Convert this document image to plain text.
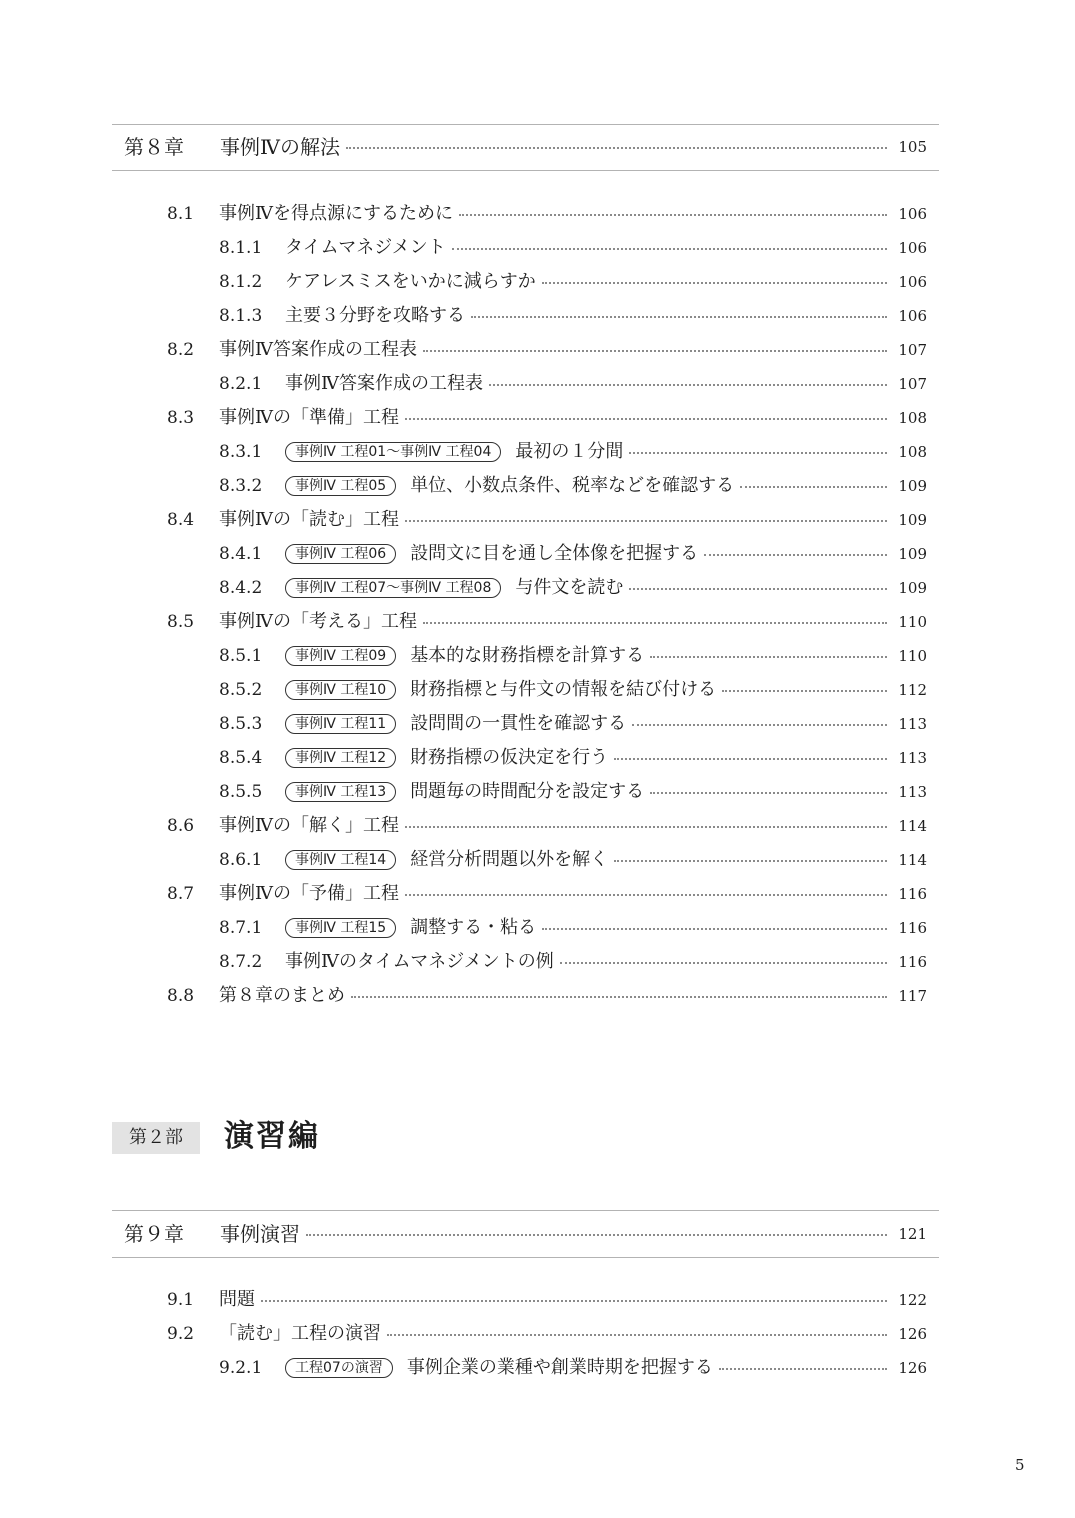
第８章 事例Ⅳの解法	105
8.1 事例Ⅳを得点源にするために	106
8.1.1 タイムマネジメント	106
8.1.2 ケアレスミスをいかに減らすか	106
8.1.3 主要３分野を攻略する	106
8.2 事例Ⅳ答案作成の工程表	107
8.2.1 事例Ⅳ答案作成の工程表	107
8.3 事例Ⅳの「準備」工程	108
8.3.1	事例Ⅳ 工程01～事例Ⅳ 工程04 最初の１分間	108
8.3.2	事例Ⅳ 工程05 単位、小数点条件、税率などを確認する	109
8.4 事例Ⅳの「読む」工程	109
8.4.1	事例Ⅳ 工程06 設問文に目を通し全体像を把握する	109
8.4.2	事例Ⅳ 工程07～事例Ⅳ 工程08 与件文を読む	109
8.5 事例Ⅳの「考える」工程	110
8.5.1	事例Ⅳ 工程09 基本的な財務指標を計算する	110
8.5.2	事例Ⅳ 工程10 財務指標と与件文の情報を結び付ける	112
8.5.3	事例Ⅳ 工程11 設問間の一貫性を確認する	113
8.5.4	事例Ⅳ 工程12 財務指標の仮決定を行う	113
8.5.5	事例Ⅳ 工程13 問題毎の時間配分を設定する	113
8.6 事例Ⅳの「解く」工程	114
8.6.1	事例Ⅳ 工程14 経営分析問題以外を解く	114
8.7 事例Ⅳの「予備」工程	116
8.7.1	事例Ⅳ 工程15 調整する・粘る	116
8.7.2 事例Ⅳのタイムマネジメントの例	116
8.8 第８章のまとめ	117
第２部	演習編
第９章 事例演習	121
9.1 問題	122
9.2 「読む」工程の演習	126
9.2.1	工程07の演習 事例企業の業種や創業時期を把握する	126
5
